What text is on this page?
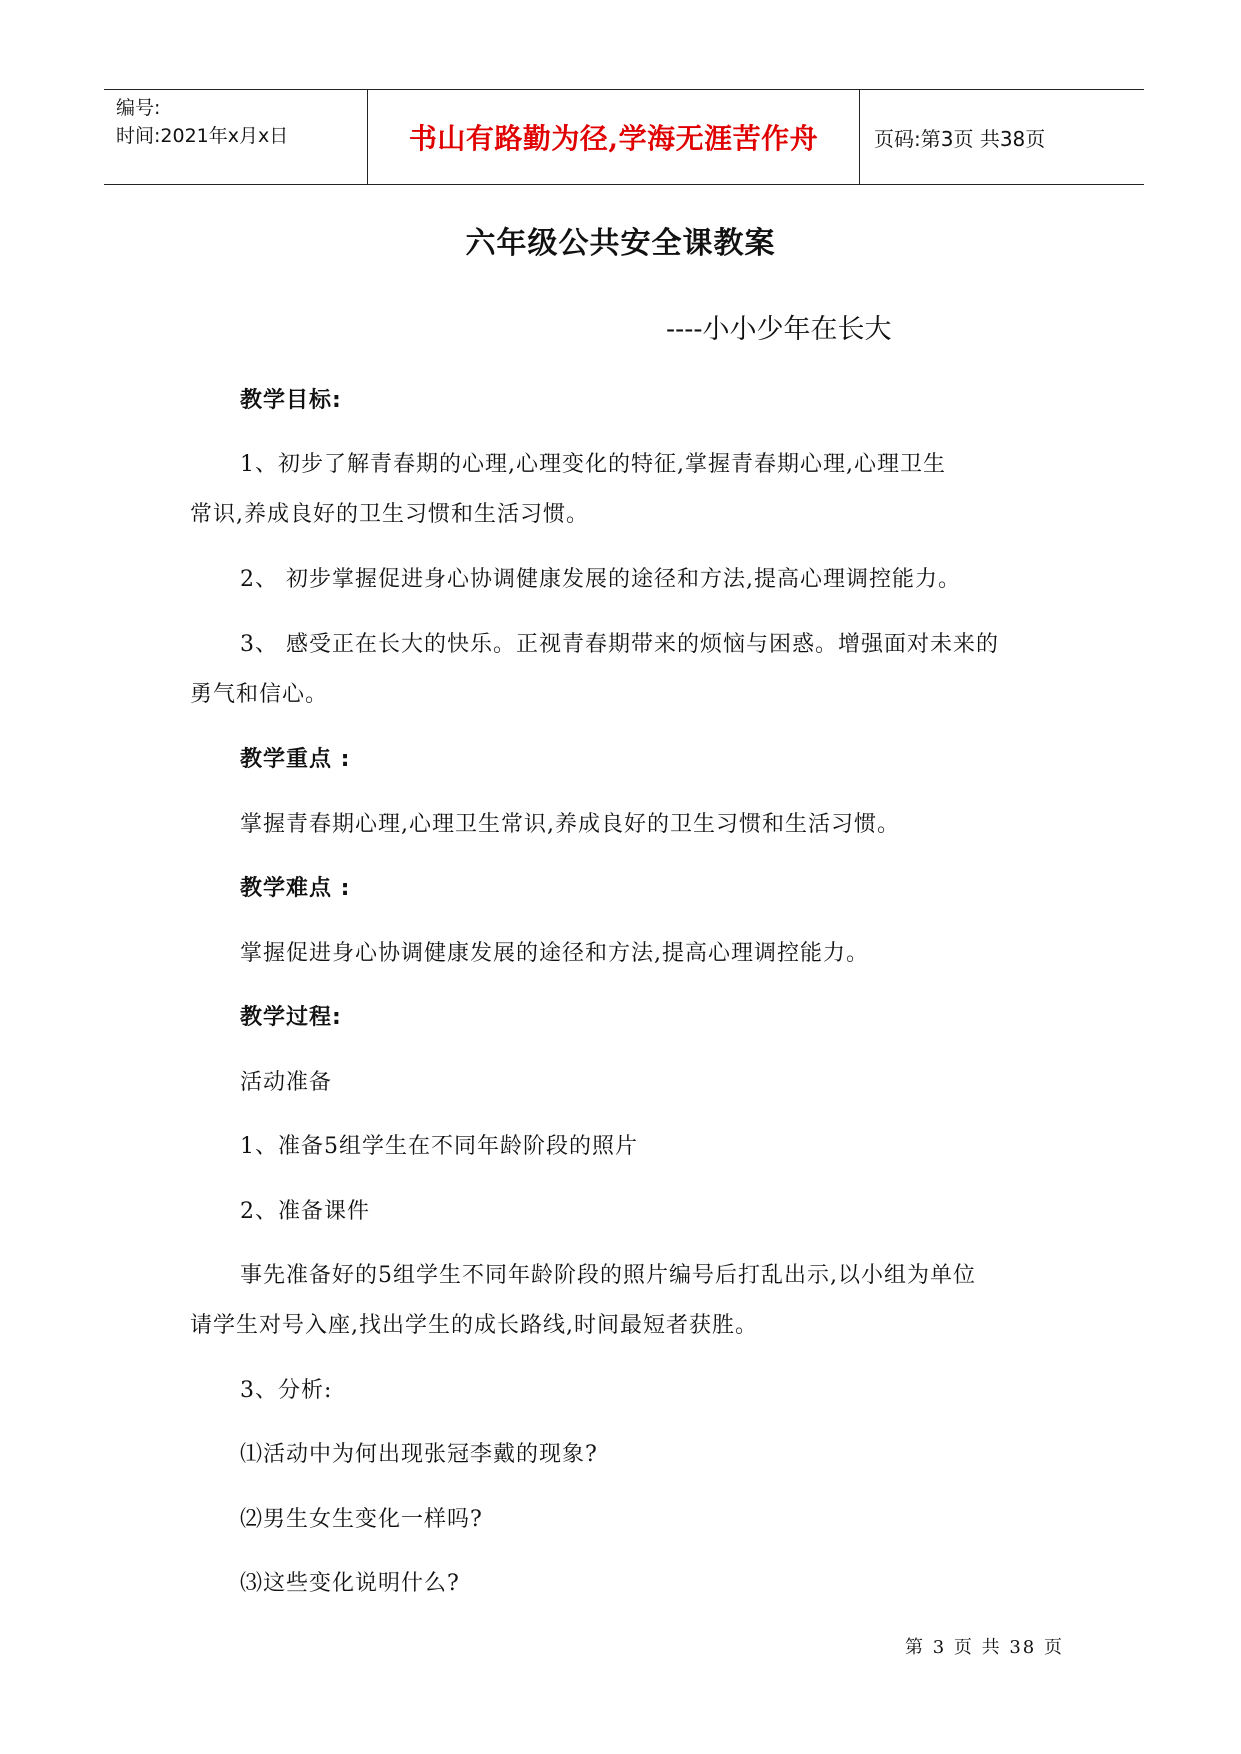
编号:
时间:2021年x月x日	书山有路勤为径,学海无涯苦作舟	页码:第3页 共38页
六年级公共安全课教案
----小小少年在长大
教学目标:
1、初步了解青春期的心理,心理变化的特征,掌握青春期心理,心理卫生
常识,养成良好的卫生习惯和生活习惯。
2、 初步掌握促进身心协调健康发展的途径和方法,提高心理调控能力。
3、 感受正在长大的快乐。正视青春期带来的烦恼与困惑。增强面对未来的
勇气和信心。
教学重点 :
掌握青春期心理,心理卫生常识,养成良好的卫生习惯和生活习惯。
教学难点 :
掌握促进身心协调健康发展的途径和方法,提高心理调控能力。
教学过程:
活动准备
1、准备5组学生在不同年龄阶段的照片
2、准备课件
事先准备好的5组学生不同年龄阶段的照片编号后打乱出示,以小组为单位
请学生对号入座,找出学生的成长路线,时间最短者获胜。
3、分析:
⑴活动中为何出现张冠李戴的现象?
⑵男生女生变化一样吗?
⑶这些变化说明什么?
第 3 页 共 38 页
